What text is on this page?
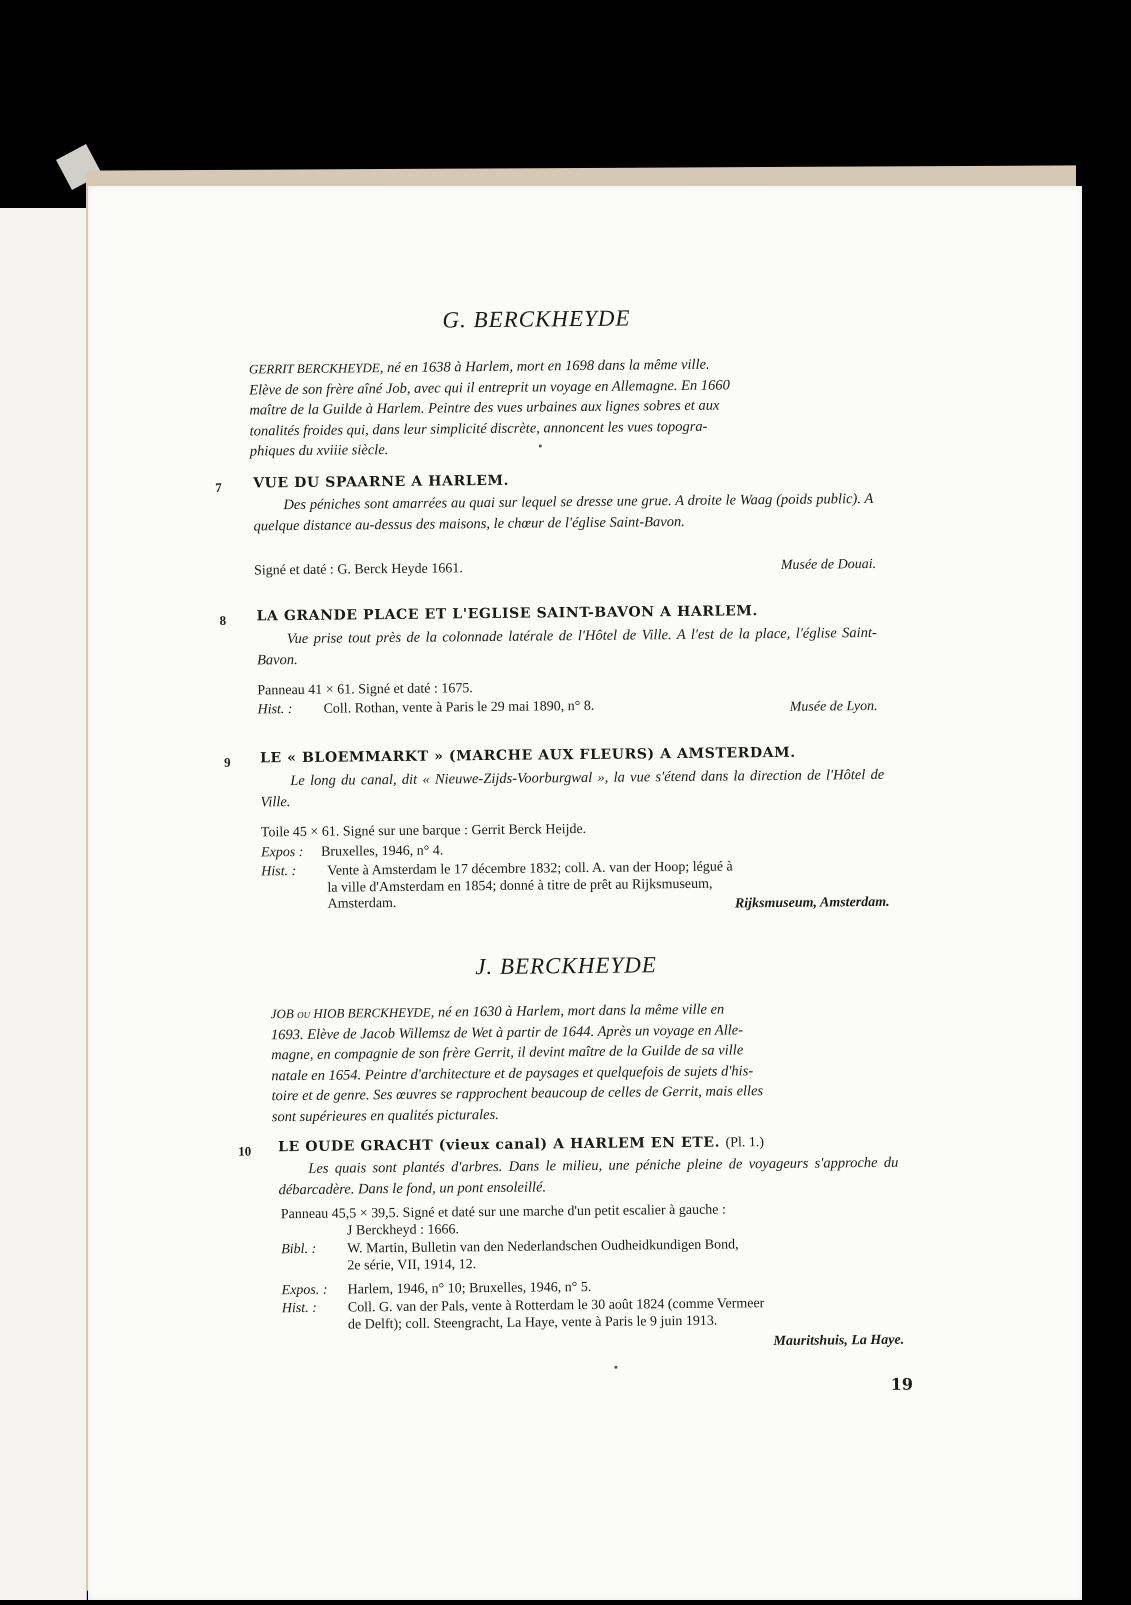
G. BERCKHEYDE
GERRIT BERCKHEYDE, né en 1638 à Harlem, mort en 1698 dans la même ville.
Elève de son frère aîné Job, avec qui il entreprit un voyage en Allemagne. En 1660
maître de la Guilde à Harlem. Peintre des vues urbaines aux lignes sobres et aux
tonalités froides qui, dans leur simplicité discrète, annoncent les vues topogra-
phiques du xviiie siècle.
7 VUE DU SPAARNE A HARLEM.
Des péniches sont amarrées au quai sur lequel se dresse une grue. A droite le Waag (poids public). A quelque distance au-dessus des maisons, le chœur de l'église Saint-Bavon.
Signé et daté : G. Berck Heyde 1661.	Musée de Douai.
8 LA GRANDE PLACE ET L'EGLISE SAINT-BAVON A HARLEM.
Vue prise tout près de la colonnade latérale de l'Hôtel de Ville. A l'est de la place, l'église Saint-Bavon.
Panneau 41 × 61. Signé et daté : 1675.
Hist. : Coll. Rothan, vente à Paris le 29 mai 1890, n° 8.	Musée de Lyon.
9 LE « BLOEMMARKT » (MARCHE AUX FLEURS) A AMSTERDAM.
Le long du canal, dit « Nieuwe-Zijds-Voorburgwal », la vue s'étend dans la direction de l'Hôtel de Ville.
Toile 45 × 61. Signé sur une barque : Gerrit Berck Heijde.
Expos : Bruxelles, 1946, n° 4.
Hist. : Vente à Amsterdam le 17 décembre 1832; coll. A. van der Hoop; légué à
la ville d'Amsterdam en 1854; donné à titre de prêt au Rijksmuseum,
Amsterdam.	Rijksmuseum, Amsterdam.
J. BERCKHEYDE
JOB ou HIOB BERCKHEYDE, né en 1630 à Harlem, mort dans la même ville en
1693. Elève de Jacob Willemsz de Wet à partir de 1644. Après un voyage en Alle-
magne, en compagnie de son frère Gerrit, il devint maître de la Guilde de sa ville
natale en 1654. Peintre d'architecture et de paysages et quelquefois de sujets d'his-
toire et de genre. Ses œuvres se rapprochent beaucoup de celles de Gerrit, mais elles
sont supérieures en qualités picturales.
10 LE OUDE GRACHT (vieux canal) A HARLEM EN ETE. (Pl. 1.)
Les quais sont plantés d'arbres. Dans le milieu, une péniche pleine de voyageurs s'approche du débarcadère. Dans le fond, un pont ensoleillé.
Panneau 45,5 × 39,5. Signé et daté sur une marche d'un petit escalier à gauche :
J Berckheyd : 1666.
Bibl. : W. Martin, Bulletin van den Nederlandschen Oudheidkundigen Bond,
2e série, VII, 1914, 12.
Expos. : Harlem, 1946, n° 10; Bruxelles, 1946, n° 5.
Hist. : Coll. G. van der Pals, vente à Rotterdam le 30 août 1824 (comme Vermeer
de Delft); coll. Steengracht, La Haye, vente à Paris le 9 juin 1913.
Mauritshuis, La Haye.
19
